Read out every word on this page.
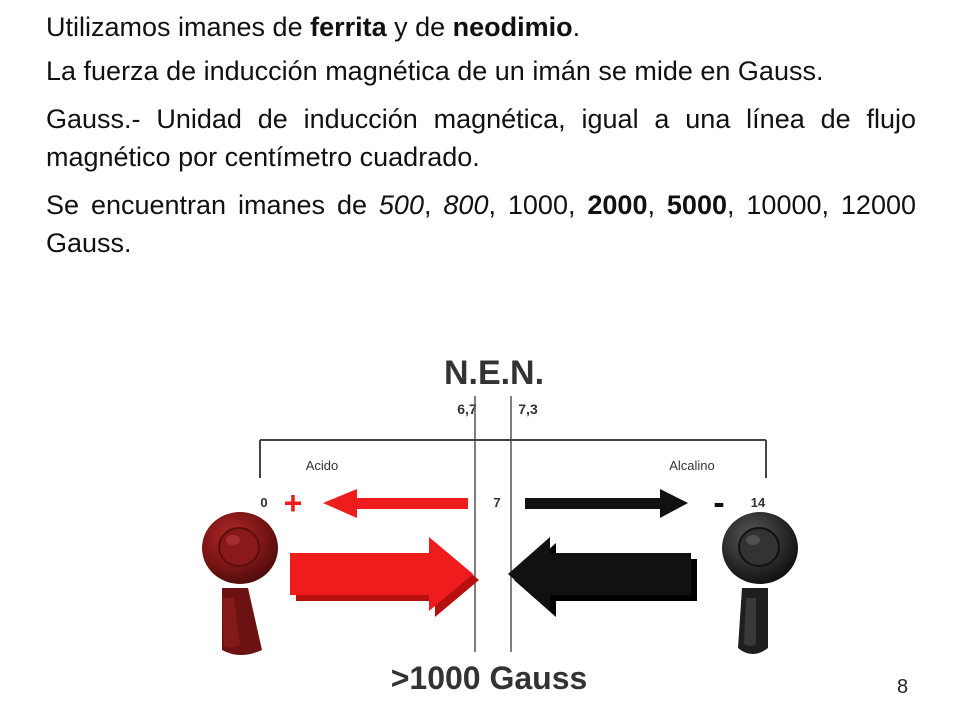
Utilizamos imanes de ferrita y de neodimio.

La fuerza de inducción magnética de un imán se mide en Gauss.

Gauss.- Unidad de inducción magnética, igual a una línea de flujo magnético por centímetro cuadrado.

Se encuentran imanes de 500, 800, 1000, 2000, 5000, 10000, 12000 Gauss.

N.E.N.
6,7	7,3
Acido	Alcalino
0	7	14
+	-
>1000 Gauss	8
